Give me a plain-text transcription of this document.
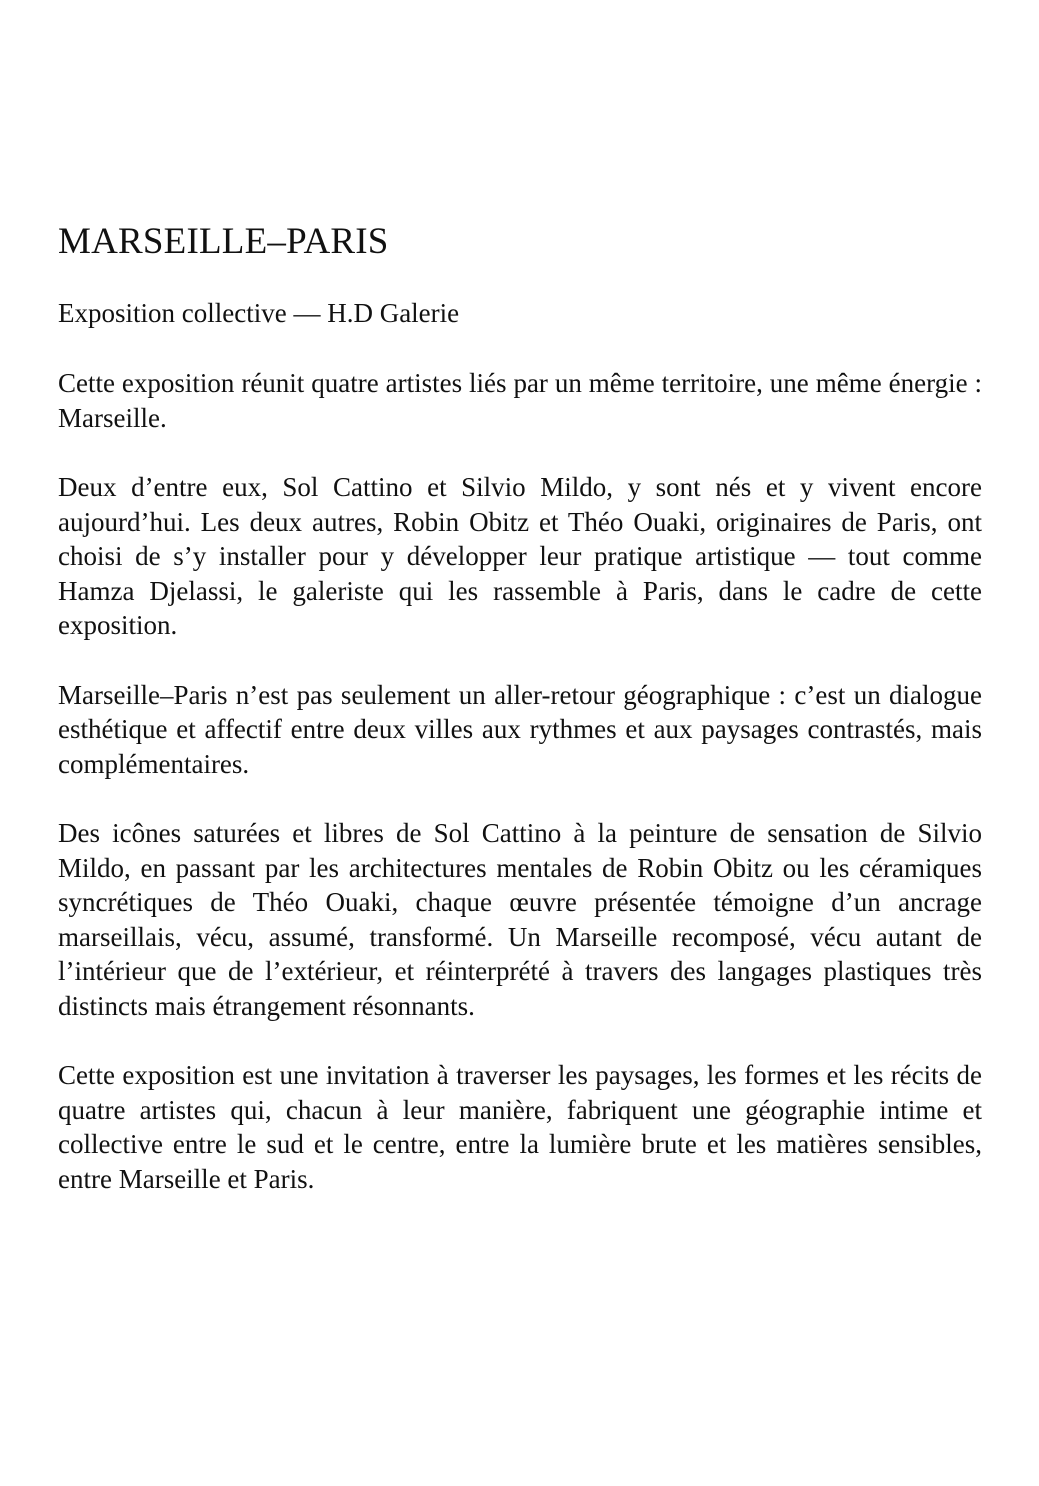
MARSEILLE–PARIS

Exposition collective — H.D Galerie

Cette exposition réunit quatre artistes liés par un même territoire, une même énergie : Marseille.

Deux d’entre eux, Sol Cattino et Silvio Mildo, y sont nés et y vivent encore aujourd’hui. Les deux autres, Robin Obitz et Théo Ouaki, originaires de Paris, ont choisi de s’y installer pour y développer leur pratique artistique — tout comme Hamza Djelassi, le galeriste qui les rassemble à Paris, dans le cadre de cette exposition.

Marseille–Paris n’est pas seulement un aller-retour géographique : c’est un dialogue esthétique et affectif entre deux villes aux rythmes et aux paysages contrastés, mais complémentaires.

Des icônes saturées et libres de Sol Cattino à la peinture de sensation de Silvio Mildo, en passant par les architectures mentales de Robin Obitz ou les céramiques syncrétiques de Théo Ouaki, chaque œuvre présentée témoigne d’un ancrage marseillais, vécu, assumé, transformé. Un Marseille recomposé, vécu autant de l’intérieur que de l’extérieur, et réinterprété à travers des langages plastiques très distincts mais étrangement résonnants.

Cette exposition est une invitation à traverser les paysages, les formes et les récits de quatre artistes qui, chacun à leur manière, fabriquent une géographie intime et collective entre le sud et le centre, entre la lumière brute et les matières sensibles, entre Marseille et Paris.
